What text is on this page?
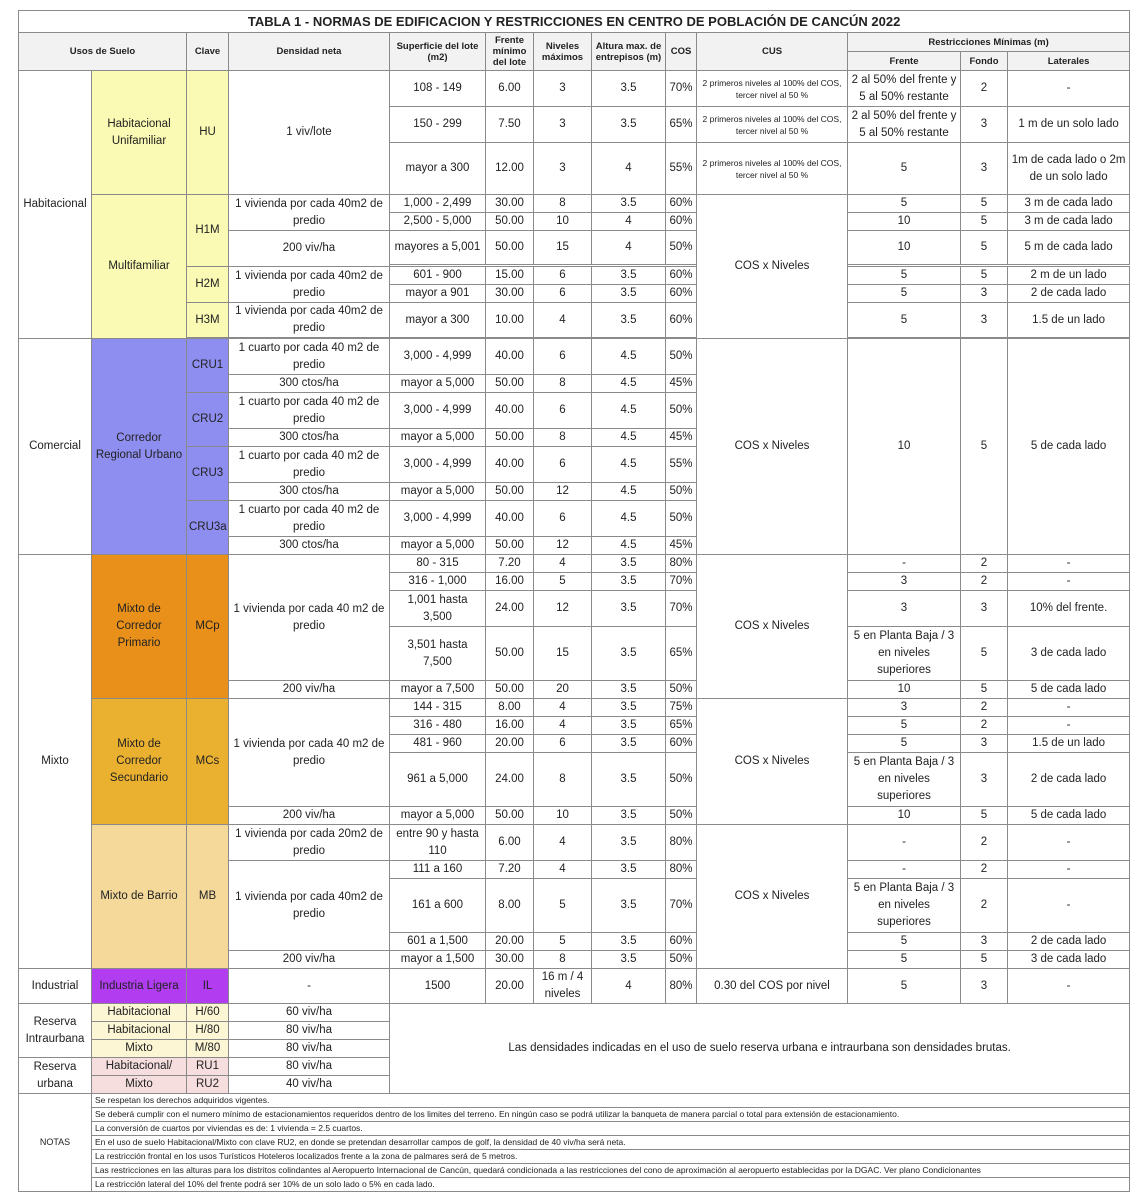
TABLA 1 - NORMAS DE EDIFICACION Y RESTRICCIONES EN CENTRO DE POBLACIÓN DE CANCÚN 2022												
Usos de Suelo		Clave	Densidad neta	Superficie del lote (m2)	Frente mínimo del lote	Niveles máximos	Altura max. de entrepisos (m)	COS	CUS	Restricciones Mínimas (m)		
										Frente	Fondo	Laterales
Habitacional	Habitacional Unifamiliar	HU	1 viv/lote	108 - 149	6.00	3	3.5	70%	2 primeros niveles al 100% del COS, tercer nivel al 50 %	2 al 50% del frente y 5 al 50% restante	2	-
				150 - 299	7.50	3	3.5	65%	2 primeros niveles al 100% del COS, tercer nivel al 50 %	2 al 50% del frente y 5 al 50% restante	3	1 m de un solo lado
				mayor a 300	12.00	3	4	55%	2 primeros niveles al 100% del COS, tercer nivel al 50 %	5	3	1m de cada lado o 2m de un solo lado
	Multifamiliar	H1M	1 vivienda por cada 40m2 de predio	1,000 - 2,499	30.00	8	3.5	60%	COS x Niveles	5	5	3 m de cada lado
				2,500 - 5,000	50.00	10	4	60%		10	5	3 m de cada lado
			200 viv/ha	mayores a 5,001	50.00	15	4	50%		10	5	5 m de cada lado

		H2M	1 vivienda por cada 40m2 de predio	601 - 900	15.00	6	3.5	60%		5	5	2 m de un lado
				mayor a 901	30.00	6	3.5	60%		5	3	2 de cada lado
		H3M	1 vivienda por cada 40m2 de predio	mayor a 300	10.00	4	3.5	60%		5	3	1.5 de un lado

Comercial	Corredor Regional Urbano	CRU1	1 cuarto por cada 40 m2 de predio	3,000 - 4,999	40.00	6	4.5	50%	COS x Niveles	10	5	5 de cada lado
			300 ctos/ha	mayor a 5,000	50.00	8	4.5	45%				
		CRU2	1 cuarto por cada 40 m2 de predio	3,000 - 4,999	40.00	6	4.5	50%				
			300 ctos/ha	mayor a 5,000	50.00	8	4.5	45%				
		CRU3	1 cuarto por cada 40 m2 de predio	3,000 - 4,999	40.00	6	4.5	55%				
			300 ctos/ha	mayor a 5,000	50.00	12	4.5	50%				
		CRU3a	1 cuarto por cada 40 m2 de predio	3,000 - 4,999	40.00	6	4.5	50%				
			300 ctos/ha	mayor a 5,000	50.00	12	4.5	45%				
Mixto	Mixto de Corredor Primario	MCp	1 vivienda por cada 40 m2 de predio	80 - 315	7.20	4	3.5	80%	COS x Niveles	-	2	-
				316 - 1,000	16.00	5	3.5	70%		3	2	-
				1,001 hasta 3,500	24.00	12	3.5	70%		3	3	10% del frente.
				3,501 hasta 7,500	50.00	15	3.5	65%		5 en Planta Baja / 3 en niveles superiores	5	3 de cada lado
			200 viv/ha	mayor a 7,500	50.00	20	3.5	50%		10	5	5 de cada lado
	Mixto de Corredor Secundario	MCs	1 vivienda por cada 40 m2 de predio	144 - 315	8.00	4	3.5	75%	COS x Niveles	3	2	-
				316 - 480	16.00	4	3.5	65%		5	2	-
				481 - 960	20.00	6	3.5	60%		5	3	1.5 de un lado
				961 a 5,000	24.00	8	3.5	50%		5 en Planta Baja / 3 en niveles superiores	3	2 de cada lado
			200 viv/ha	mayor a 5,000	50.00	10	3.5	50%		10	5	5 de cada lado
	Mixto de Barrio	MB	1 vivienda por cada 20m2 de predio	entre 90 y hasta 110	6.00	4	3.5	80%	COS x Niveles	-	2	-
			1 vivienda por cada 40m2 de predio	111 a 160	7.20	4	3.5	80%		-	2	-
				161 a 600	8.00	5	3.5	70%		5 en Planta Baja / 3 en niveles superiores	2	-
				601 a 1,500	20.00	5	3.5	60%		5	3	2 de cada lado
			200 viv/ha	mayor a 1,500	30.00	8	3.5	50%		5	5	3 de cada lado
Industrial	Industria Ligera	IL	-	1500	20.00	16 m / 4 niveles	4	80%	0.30 del COS por nivel	5	3	-
Reserva Intraurbana	Habitacional	H/60	60 viv/ha	Las densidades indicadas en el uso de suelo reserva urbana e intraurbana son densidades brutas.								
	Habitacional	H/80	80 viv/ha									
	Mixto	M/80	80 viv/ha									
Reserva urbana	Habitacional/	RU1	80 viv/ha									
	Mixto	RU2	40 viv/ha									
NOTAS	Se respetan los derechos adquiridos vigentes.											
	Se deberá cumplir con el numero mínimo de estacionamientos requeridos dentro de los limites del terreno. En ningún caso se podrá utilizar la banqueta de manera parcial o total para extensión de estacionamiento.											
	La conversión de cuartos por viviendas es de: 1 vivienda = 2.5 cuartos.											
	En el uso de suelo Habitacional/Mixto con clave RU2, en donde se pretendan desarrollar campos de golf, la densidad de 40 viv/ha será neta.											
	La restricción frontal en los usos Turísticos Hoteleros localizados frente a la zona de palmares será de 5 metros.											
	Las restricciones en las alturas para los distritos colindantes al Aeropuerto Internacional de Cancún, quedará condicionada a las restricciones del cono de aproximación al aeropuerto establecidas por la DGAC. Ver plano Condicionantes											
	La restricción lateral del 10% del frente podrá ser 10% de un solo lado o 5% en cada lado.											
